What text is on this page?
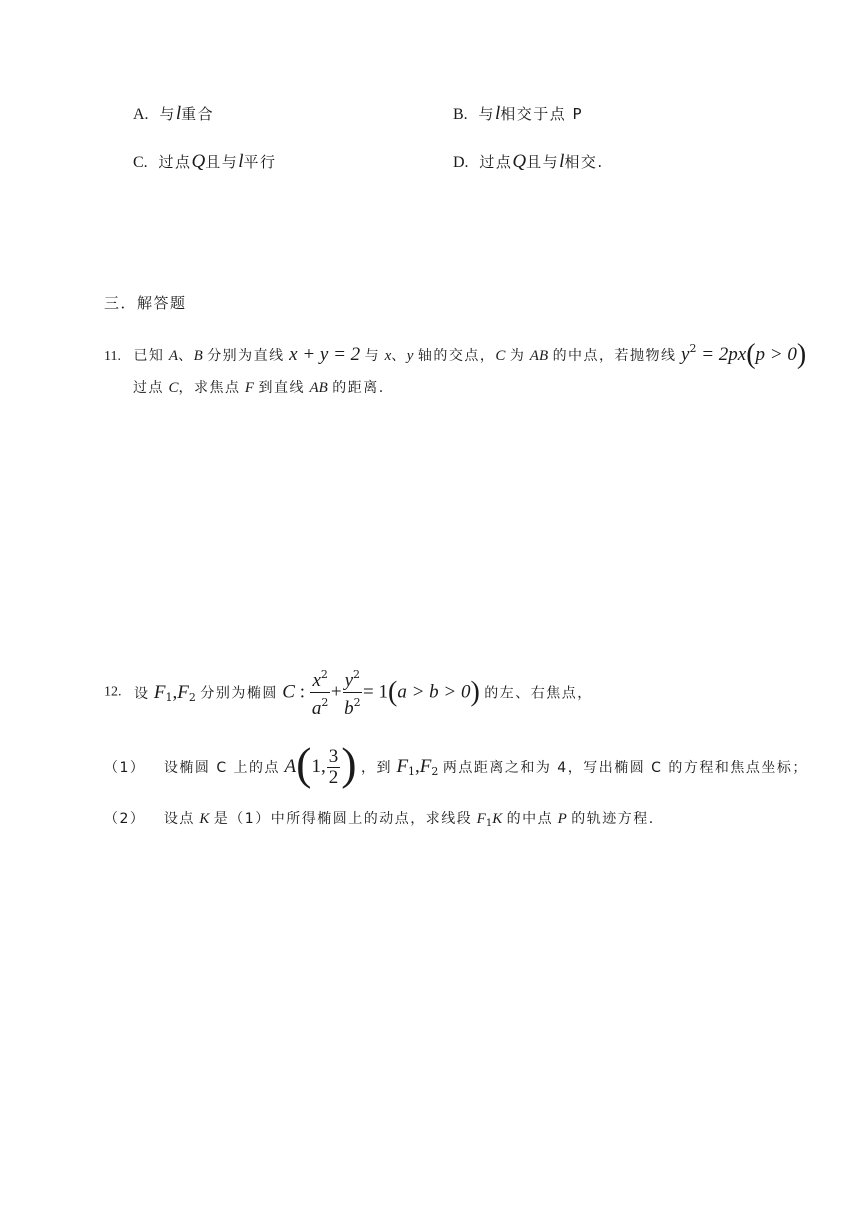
A. 与l重合	B. 与l相交于点 P
C. 过点Q且与l平行	D. 过点Q且与l相交.
三．解答题
11. 已知 A、B 分别为直线 x + y = 2 与 x、y 轴的交点，C 为 AB 的中点，若抛物线 $y^2 = 2px(p > 0)$
过点 C，求焦点 F 到直线 AB 的距离.
12. 设 $F_1,F_2$ 分别为椭圆 C : $\frac{x^2}{a^2} + \frac{y^2}{b^2} = 1(a > b > 0)$ 的左、右焦点，
（1） 设椭圆 C 上的点 A(1, $\frac{3}{2}$ ) ，到 $F_1,F_2$ 两点距离之和为 4，写出椭圆 C 的方程和焦点坐标；
（2） 设点 K 是（1）中所得椭圆上的动点，求线段 $F_1K$ 的中点 P 的轨迹方程.
